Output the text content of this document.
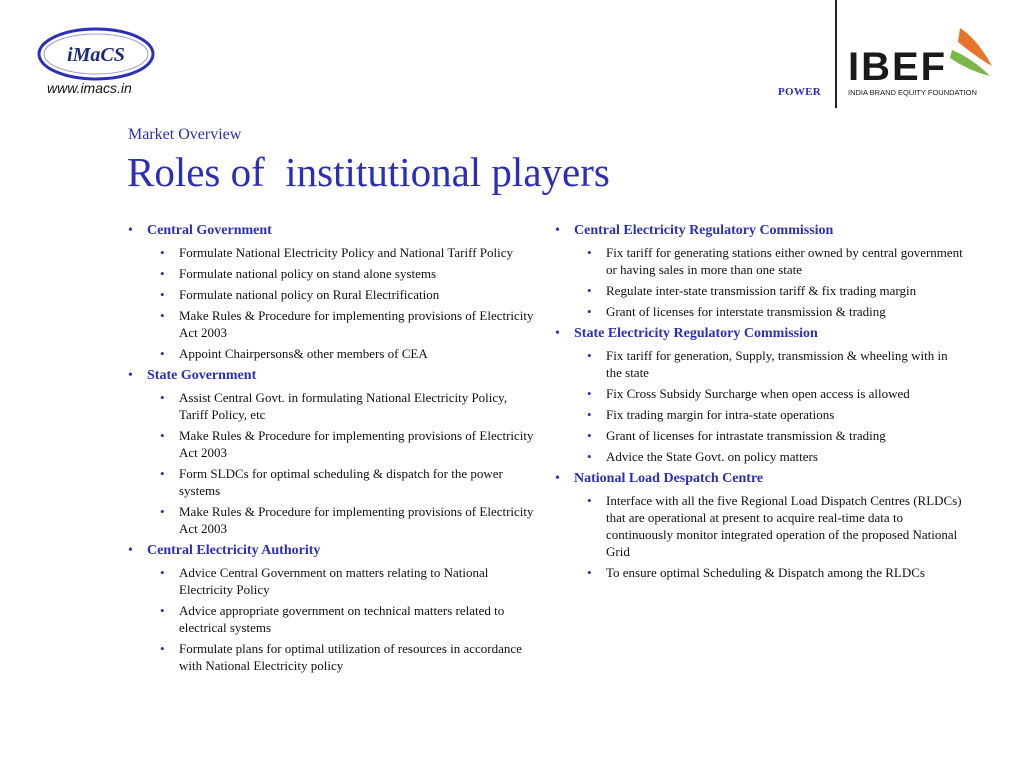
iMaCS
www.imacs.in	POWER
IBEF
INDIA BRAND EQUITY FOUNDATION
Market Overview
Roles of  institutional players
• Central Government
• Formulate National Electricity Policy and National Tariff Policy
• Formulate national policy on stand alone systems
• Formulate national policy on Rural Electrification
• Make Rules & Procedure for implementing provisions of Electricity Act 2003
• Appoint Chairpersons& other members of CEA
• State Government
• Assist Central Govt. in formulating National Electricity Policy, Tariff Policy, etc
• Make Rules & Procedure for implementing provisions of Electricity Act 2003
• Form SLDCs for optimal scheduling & dispatch for the power systems
• Make Rules & Procedure for implementing provisions of Electricity Act 2003
• Central Electricity Authority
• Advice Central Government on matters relating to National Electricity Policy
• Advice appropriate government on technical matters related to electrical systems
• Formulate plans for optimal utilization of resources in accordance with National Electricity policy
• Central Electricity Regulatory Commission
• Fix tariff for generating stations either owned by central government or having sales in more than one state
• Regulate inter-state transmission tariff & fix trading margin
• Grant of licenses for interstate transmission & trading
• State Electricity Regulatory Commission
• Fix tariff for generation, Supply, transmission & wheeling with in the state
• Fix Cross Subsidy Surcharge when open access is allowed
• Fix trading margin for intra-state operations
• Grant of licenses for intrastate transmission & trading
• Advice the State Govt. on policy matters
• National Load Despatch Centre
• Interface with all the five Regional Load Dispatch Centres (RLDCs) that are operational at present to acquire real-time data to continuously monitor integrated operation of the proposed National Grid
• To ensure optimal Scheduling & Dispatch among the RLDCs
